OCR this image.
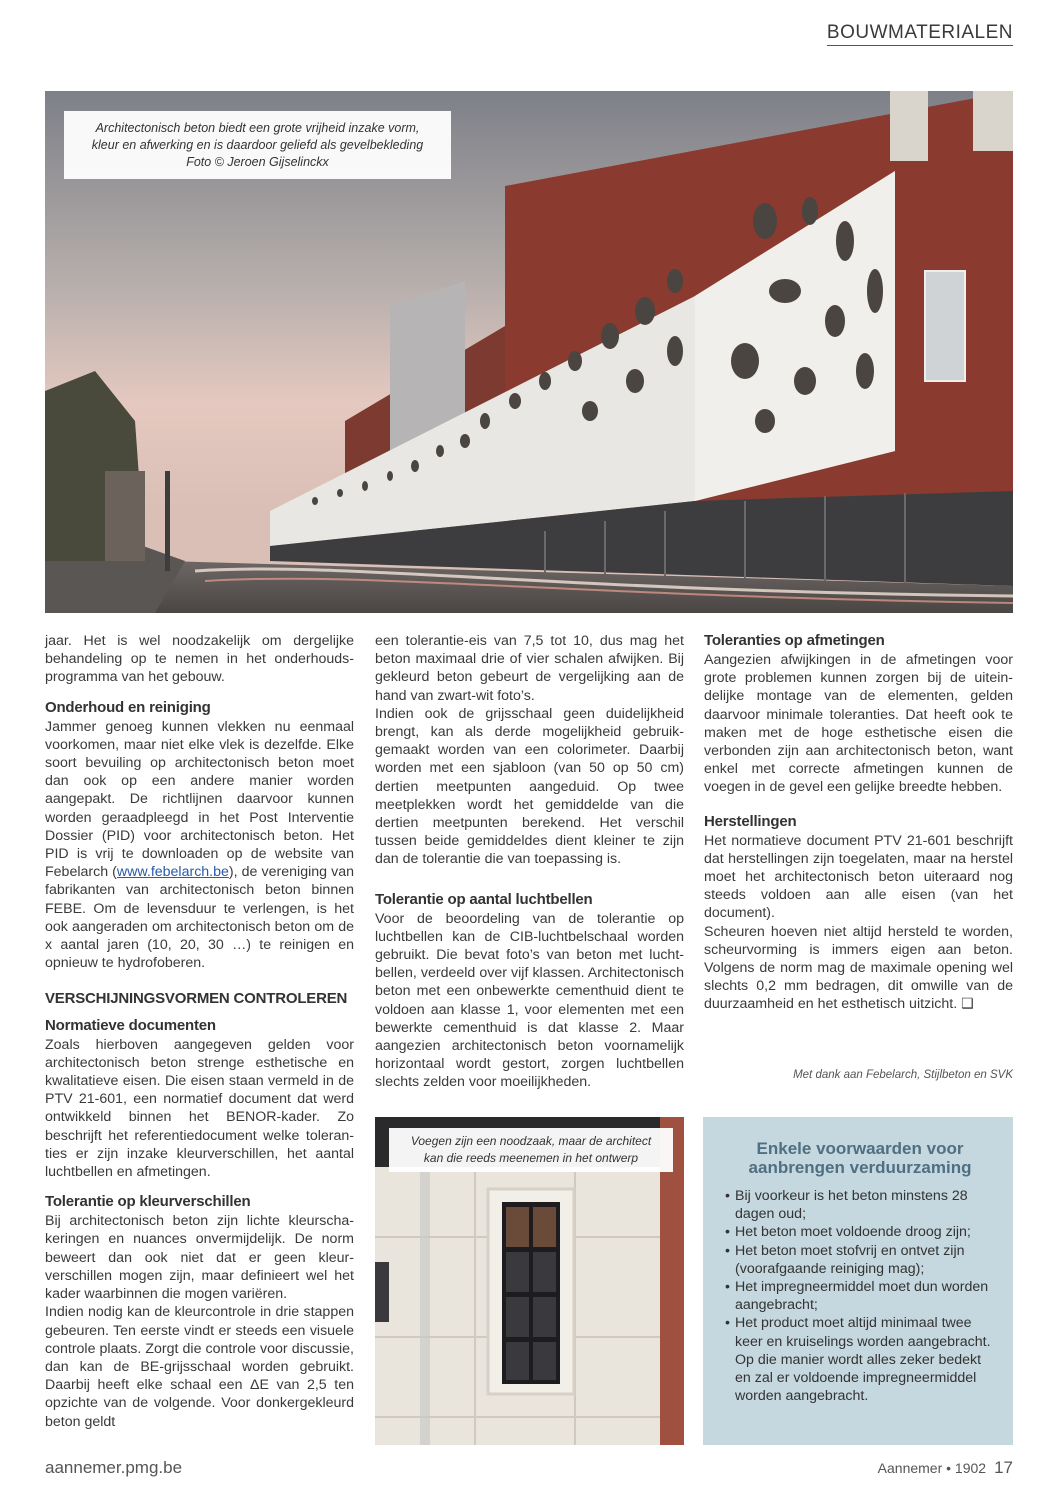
BOUWMATERIALEN

Architectonisch beton biedt een grote vrijheid inzake vorm,

kleur en afwerking en is daardoor geliefd als gevelbekleding

Foto © Jeroen Gijselinckx

jaar. Het is wel noodzakelijk om dergelijke behandeling op te nemen in het onderhoudsprogramma van het gebouw.

Onderhoud en reiniging

Jammer genoeg kunnen vlekken nu eenmaal voorkomen, maar niet elke vlek is dezelfde. Elke soort bevuiling op architectonisch beton moet dan ook op een andere manier worden aangepakt. De richtlijnen daarvoor kunnen worden geraadpleegd in het Post Interventie Dossier (PID) voor architectonisch beton. Het PID is vrij te downloaden op de website van Febelarch (www.febelarch.be), de vereniging van fabrikanten van architectonisch beton binnen FEBE. Om de levensduur te verlengen, is het ook aangeraden om architectonisch beton om de x aantal jaren (10, 20, 30 …) te reinigen en opnieuw te hydrofoberen.

VERSCHIJNINGSVORMEN CONTROLEREN
Normatieve documenten

Zoals hierboven aangegeven gelden voor architectonisch beton strenge esthetische en kwalitatieve eisen. Die eisen staan vermeld in de PTV 21-601, een normatief document dat werd ontwikkeld binnen het BENOR-kader. Zo beschrijft het referentiedocument welke toleranties er zijn inzake kleurverschillen, het aantal luchtbellen en afmetingen.

Tolerantie op kleurverschillen

Bij architectonisch beton zijn lichte kleurschakeringen en nuances onvermijdelijk. De norm beweert dan ook niet dat er geen kleurverschillen mogen zijn, maar definieert wel het kader waarbinnen die mogen variëren.

Indien nodig kan de kleurcontrole in drie stappen gebeuren. Ten eerste vindt er steeds een visuele controle plaats. Zorgt die controle voor discussie, dan kan de BE-grijsschaal worden gebruikt. Daarbij heeft elke schaal een ΔE van 2,5 ten opzichte van de volgende. Voor donkergekleurd beton geldt

een tolerantie-eis van 7,5 tot 10, dus mag het beton maximaal drie of vier schalen afwijken. Bij gekleurd beton gebeurt de vergelijking aan de hand van zwart-wit foto’s.

Indien ook de grijsschaal geen duidelijkheid brengt, kan als derde mogelijkheid gebruikgemaakt worden van een colorimeter. Daarbij worden met een sjabloon (van 50 op 50 cm) dertien meetpunten aangeduid. Op twee meetplekken wordt het gemiddelde van die dertien meetpunten berekend. Het verschil tussen beide gemiddeldes dient kleiner te zijn dan de tolerantie die van toepassing is.

Tolerantie op aantal luchtbellen

Voor de beoordeling van de tolerantie op luchtbellen kan de CIB-luchtbelschaal worden gebruikt. Die bevat foto’s van beton met luchtbellen, verdeeld over vijf klassen. Architectonisch beton met een onbewerkte cementhuid dient te voldoen aan klasse 1, voor elementen met een bewerkte cementhuid is dat klasse 2. Maar aangezien architectonisch beton voornamelijk horizontaal wordt gestort, zorgen luchtbellen slechts zelden voor moeilijkheden.

Toleranties op afmetingen

Aangezien afwijkingen in de afmetingen voor grote problemen kunnen zorgen bij de uiteindelijke montage van de elementen, gelden daarvoor minimale toleranties. Dat heeft ook te maken met de hoge esthetische eisen die verbonden zijn aan architectonisch beton, want enkel met correcte afmetingen kunnen de voegen in de gevel een gelijke breedte hebben.

Herstellingen

Het normatieve document PTV 21-601 beschrijft dat herstellingen zijn toegelaten, maar na herstel moet het architectonisch beton uiteraard nog steeds voldoen aan alle eisen (van het document).

Scheuren hoeven niet altijd hersteld te worden, scheurvorming is immers eigen aan beton. Volgens de norm mag de maximale opening wel slechts 0,2 mm bedragen, dit omwille van de duurzaamheid en het esthetisch uitzicht. ❑

Met dank aan Febelarch, Stijlbeton en SVK

Voegen zijn een noodzaak, maar de architect

kan die reeds meenemen in het ontwerp	Enkele voorwaarden voor aanbrengen verduurzaming
• Bij voorkeur is het beton minstens 28 dagen oud;
• Het beton moet voldoende droog zijn;
• Het beton moet stofvrij en ontvet zijn (voorafgaande reiniging mag);
• Het impregneermiddel moet dun worden aangebracht;
• Het product moet altijd minimaal twee keer en kruiselings worden aangebracht. Op die manier wordt alles zeker bedekt en zal er voldoende impregneermiddel worden aangebracht.
aannemer.pmg.be	Aannemer • 1902 17
